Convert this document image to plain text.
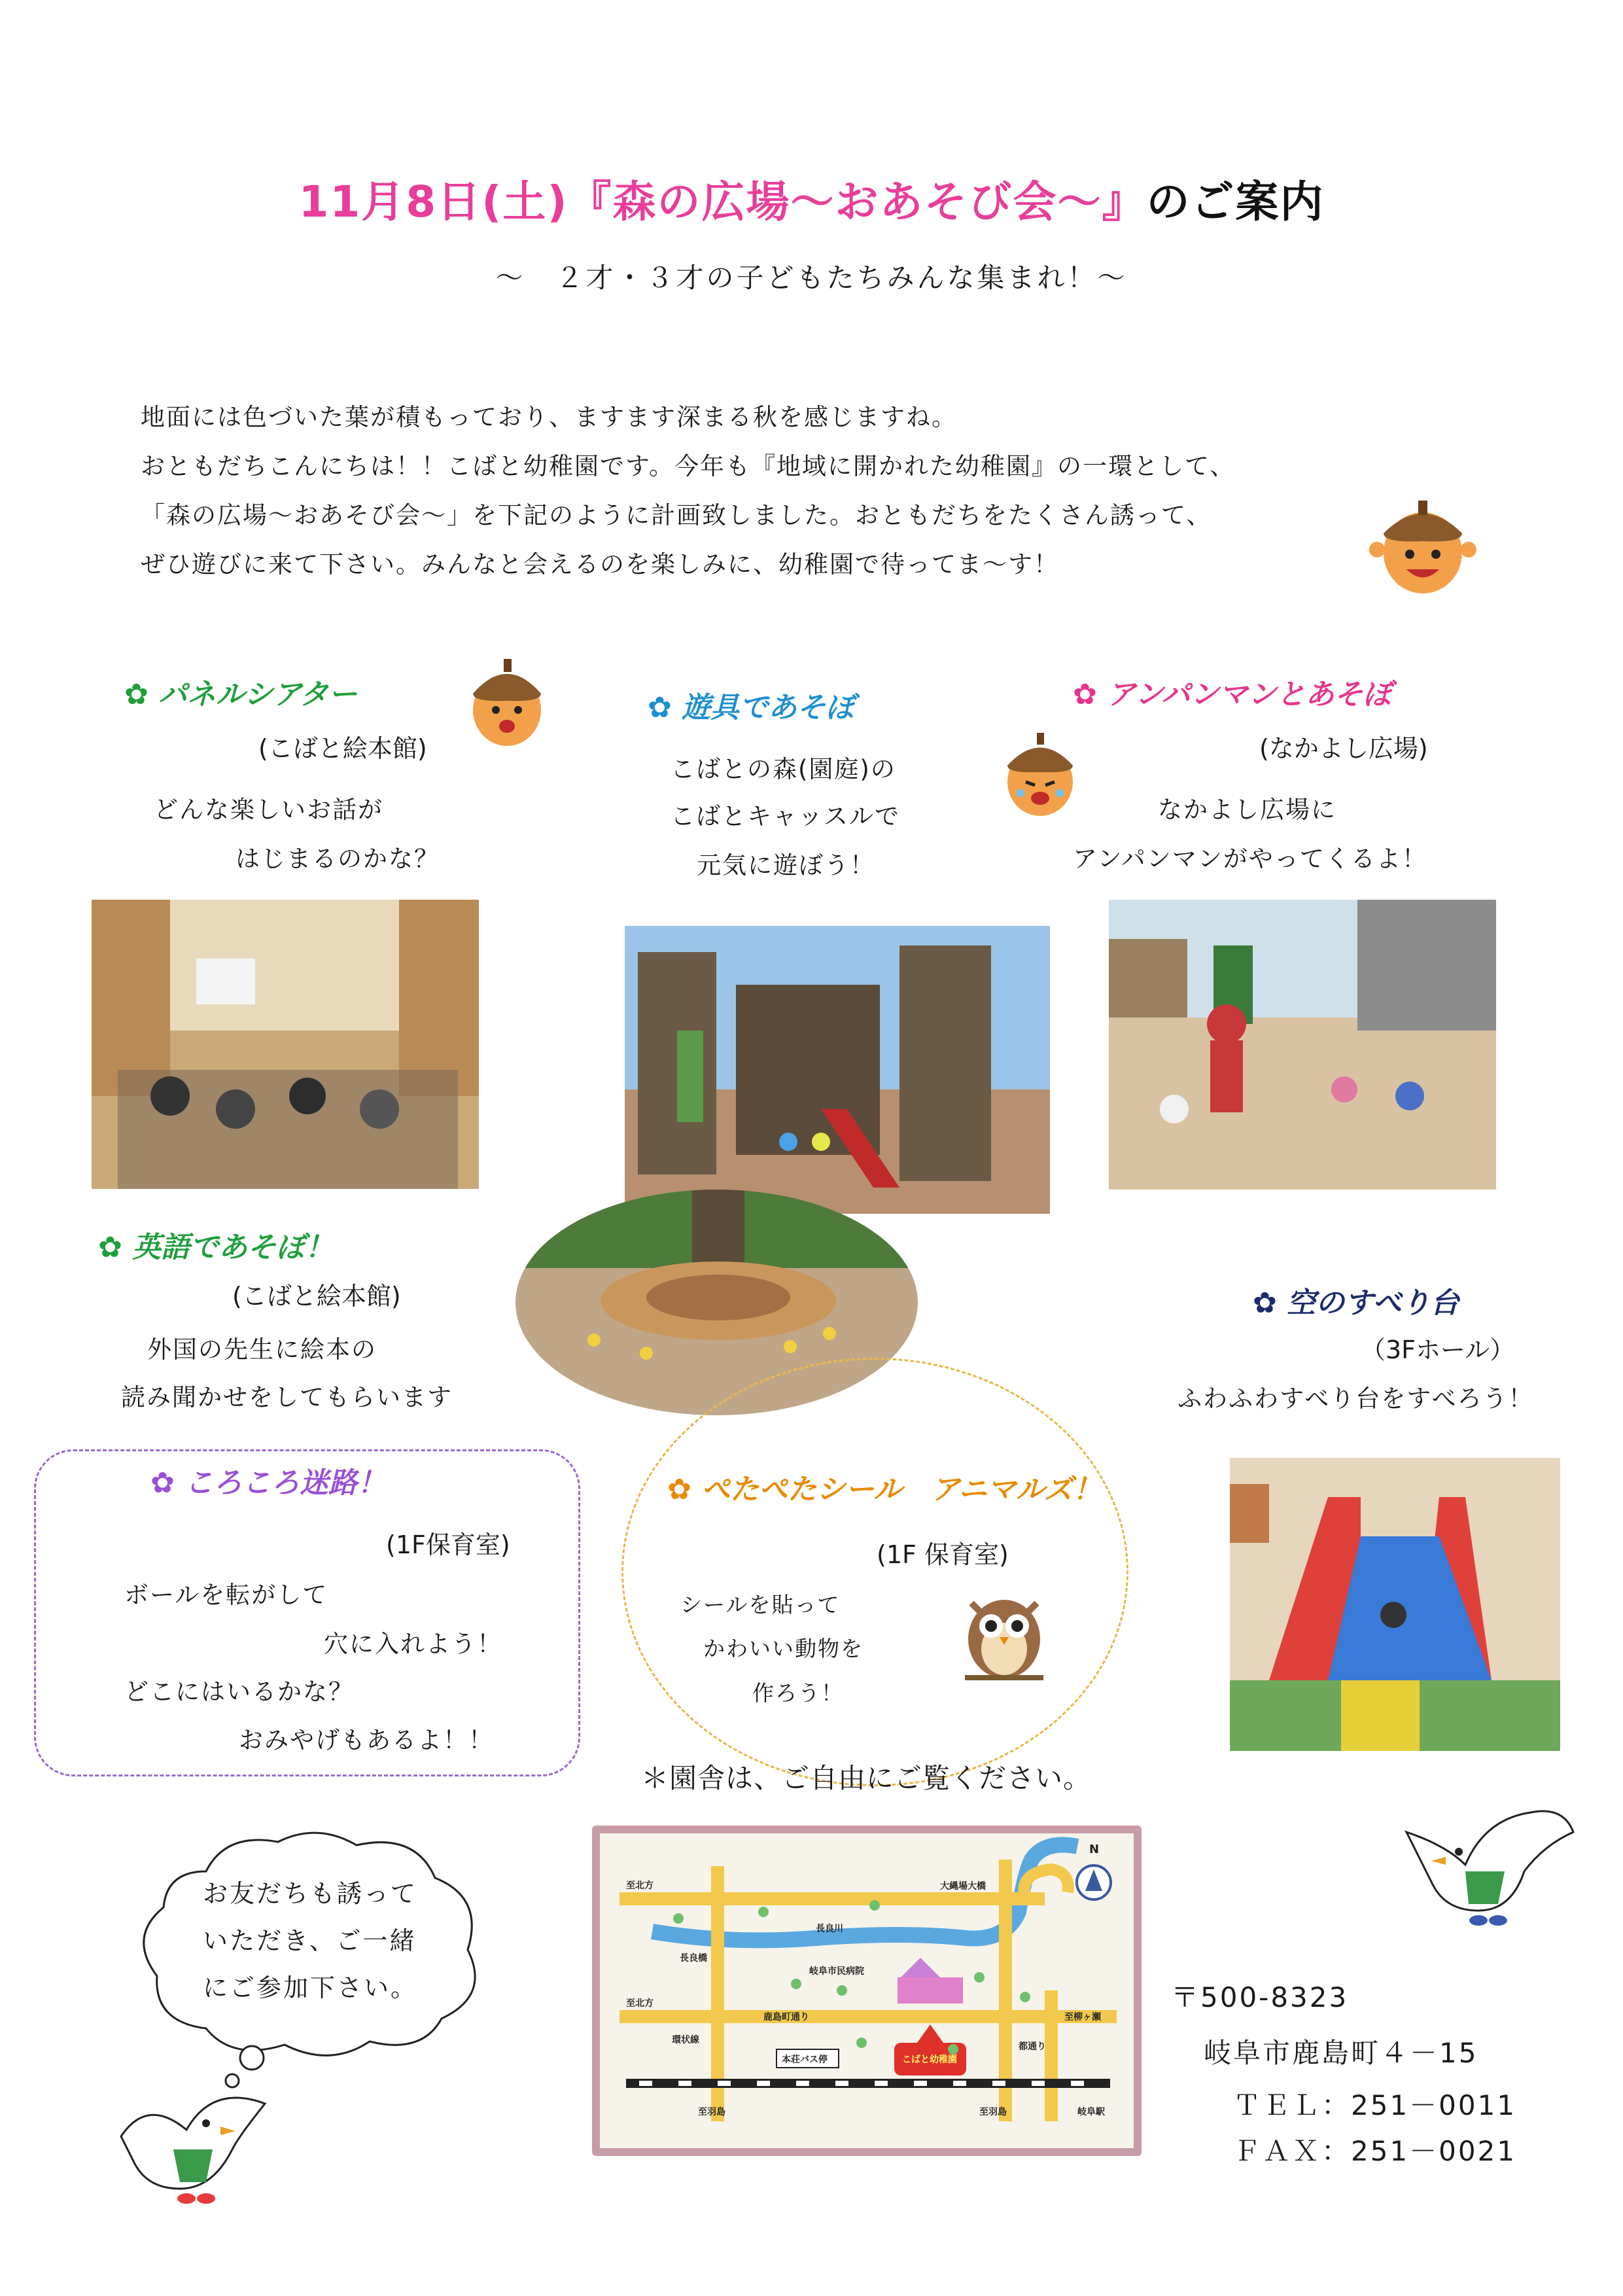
11月8日(土)『森の広場～おあそび会～』のご案内
～　２才・３才の子どもたちみんな集まれ！～

地面には色づいた葉が積もっており、ますます深まる秋を感じますね。

おともだちこんにちは！！こばと幼稚園です。今年も『地域に開かれた幼稚園』の一環として、

「森の広場～おあそび会～」を下記のように計画致しました。おともだちをたくさん誘って、

ぜひ遊びに来て下さい。みんなと会えるのを楽しみに、幼稚園で待ってま～す！

✿ パネルシアター
(こばと絵本館)
どんな楽しいお話が
はじまるのかな？
✿ 遊具であそぼ
こばとの森(園庭)の
こばとキャッスルで
元気に遊ぼう！
✿ アンパンマンとあそぼ
(なかよし広場)
なかよし広場に
アンパンマンがやってくるよ！
✿ 英語であそぼ！
(こばと絵本館)
外国の先生に絵本の
読み聞かせをしてもらいます
✿ 空のすべり台
（3Fホール）
ふわふわすべり台をすべろう！
✿ ころころ迷路！
(1F保育室)
ボールを転がして
穴に入れよう！
どこにはいるかな？
おみやげもあるよ！！
✿ ぺたぺたシール　アニマルズ！
(1F 保育室)
シールを貼って
かわいい動物を
作ろう！
＊園舎は、ご自由にご覧ください。
お友だちも誘って
いただき、ご一緒
にご参加下さい。
至北方
至北方
長良橋
大縄場大橋
長良川
岐阜市民病院
鹿島町通り
環状線
至柳ヶ瀬
都通り
こばと幼稚園
本荘バス停
至羽島	至羽島	岐阜駅
N
〒500-8323
岐阜市鹿島町４－15
ＴＥＬ：251－0011
ＦＡＸ：251－0021
